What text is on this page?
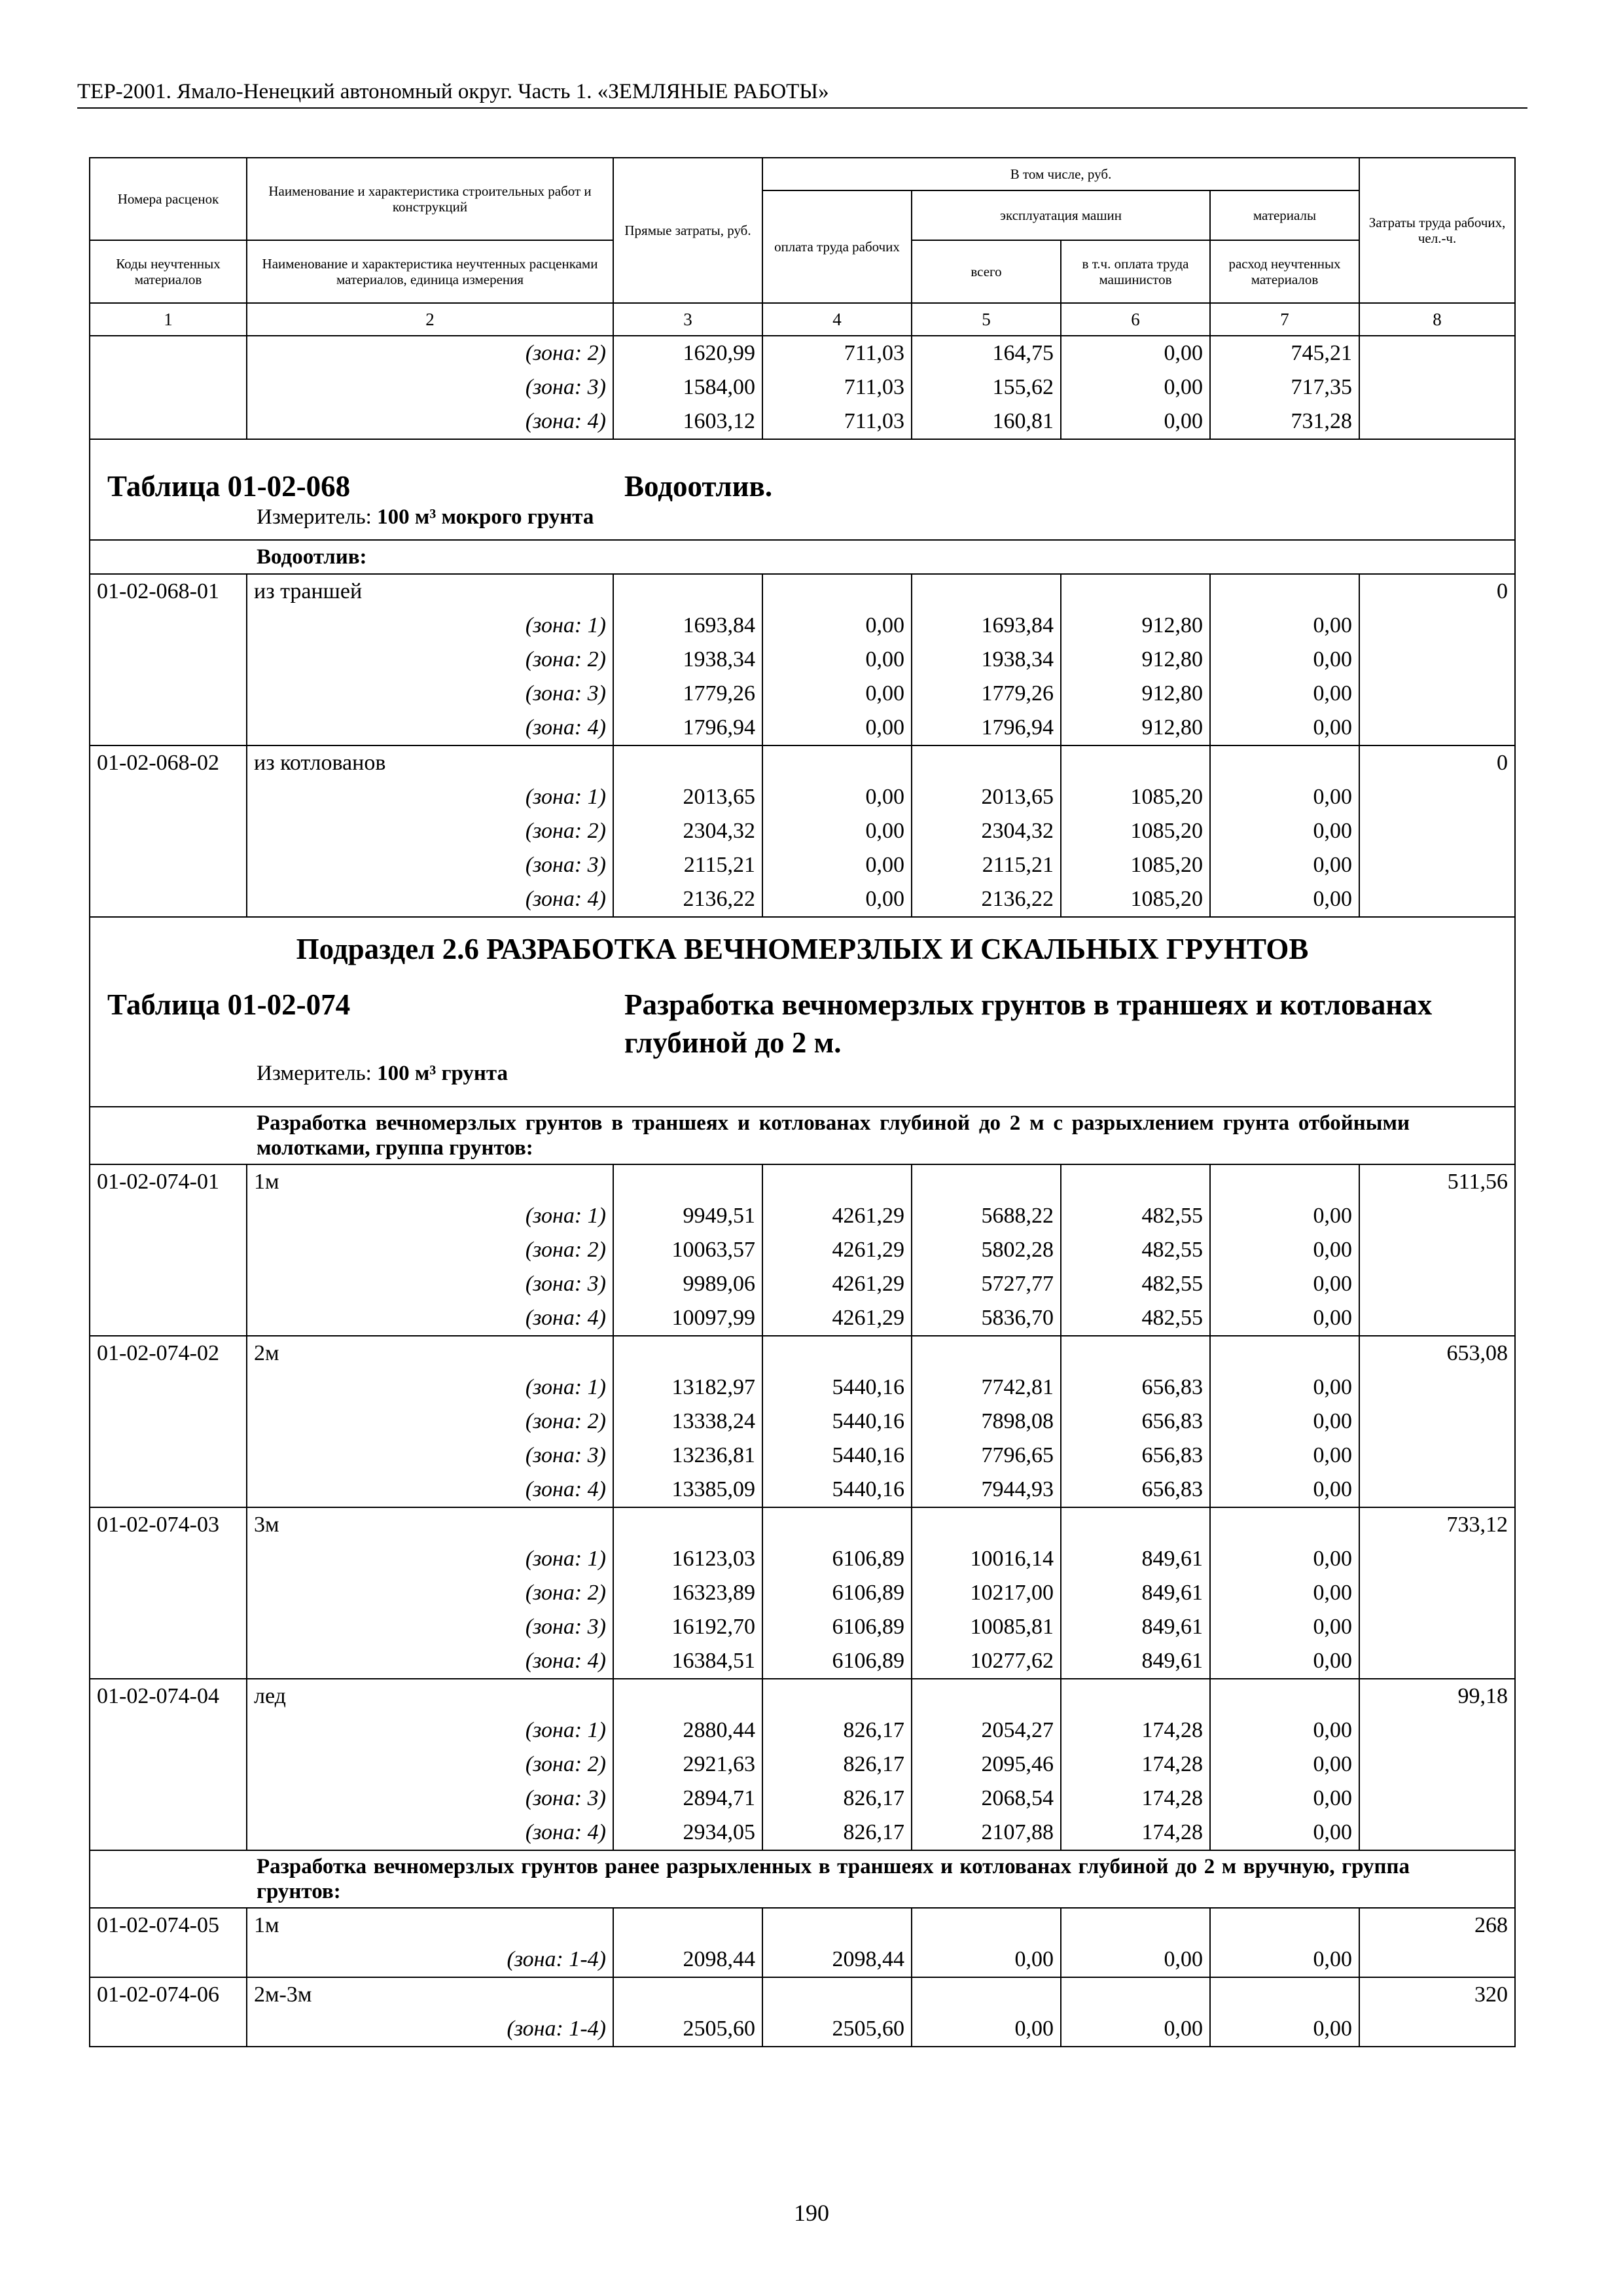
ТЕР-2001. Ямало-Ненецкий автономный округ. Часть 1. «ЗЕМЛЯНЫЕ РАБОТЫ»
Номера расценок	Наименование и характеристика строительных работ и конструкций	Прямые затраты, руб.	В том числе, руб.				Затраты труда рабочих, чел.-ч.
			оплата труда рабочих	эксплуатация машин		материалы	
Коды неучтенных материалов	Наименование и характеристика неучтенных расценками материалов, единица измерения			всего	в т.ч. оплата труда машинистов	расход неучтенных материалов	
1	2	3	4	5	6	7	8
	(зона: 2)	1620,99	711,03	164,75	0,00	745,21	
	(зона: 3)	1584,00	711,03	155,62	0,00	717,35	
	(зона: 4)	1603,12	711,03	160,81	0,00	731,28	

Таблица 01-02-068 Водоотлив.
Измеритель: 100 м³ мокрого грунта							

Водоотлив:							
01-02-068-01	из траншей						0
	(зона: 1)	1693,84	0,00	1693,84	912,80	0,00	
	(зона: 2)	1938,34	0,00	1938,34	912,80	0,00	
	(зона: 3)	1779,26	0,00	1779,26	912,80	0,00	
	(зона: 4)	1796,94	0,00	1796,94	912,80	0,00	
01-02-068-02	из котлованов						0
	(зона: 1)	2013,65	0,00	2013,65	1085,20	0,00	
	(зона: 2)	2304,32	0,00	2304,32	1085,20	0,00	
	(зона: 3)	2115,21	0,00	2115,21	1085,20	0,00	
	(зона: 4)	2136,22	0,00	2136,22	1085,20	0,00	

Подраздел 2.6 РАЗРАБОТКА ВЕЧНОМЕРЗЛЫХ И СКАЛЬНЫХ ГРУНТОВ
Таблица 01-02-074 Разработка вечномерзлых грунтов в траншеях и котлованах глубиной до 2 м.
Измеритель: 100 м³ грунта							

Разработка вечномерзлых грунтов в траншеях и котлованах глубиной до 2 м с разрыхлением грунта отбойными молотками, группа грунтов:							
01-02-074-01	1м						511,56
	(зона: 1)	9949,51	4261,29	5688,22	482,55	0,00	
	(зона: 2)	10063,57	4261,29	5802,28	482,55	0,00	
	(зона: 3)	9989,06	4261,29	5727,77	482,55	0,00	
	(зона: 4)	10097,99	4261,29	5836,70	482,55	0,00	
01-02-074-02	2м						653,08
	(зона: 1)	13182,97	5440,16	7742,81	656,83	0,00	
	(зона: 2)	13338,24	5440,16	7898,08	656,83	0,00	
	(зона: 3)	13236,81	5440,16	7796,65	656,83	0,00	
	(зона: 4)	13385,09	5440,16	7944,93	656,83	0,00	
01-02-074-03	3м						733,12
	(зона: 1)	16123,03	6106,89	10016,14	849,61	0,00	
	(зона: 2)	16323,89	6106,89	10217,00	849,61	0,00	
	(зона: 3)	16192,70	6106,89	10085,81	849,61	0,00	
	(зона: 4)	16384,51	6106,89	10277,62	849,61	0,00	
01-02-074-04	лед						99,18
	(зона: 1)	2880,44	826,17	2054,27	174,28	0,00	
	(зона: 2)	2921,63	826,17	2095,46	174,28	0,00	
	(зона: 3)	2894,71	826,17	2068,54	174,28	0,00	
	(зона: 4)	2934,05	826,17	2107,88	174,28	0,00	
Разработка вечномерзлых грунтов ранее разрыхленных в траншеях и котлованах глубиной до 2 м вручную, группа грунтов:							
01-02-074-05	1м						268
	(зона: 1-4)	2098,44	2098,44	0,00	0,00	0,00	
01-02-074-06	2м-3м						320
	(зона: 1-4)	2505,60	2505,60	0,00	0,00	0,00	
190
